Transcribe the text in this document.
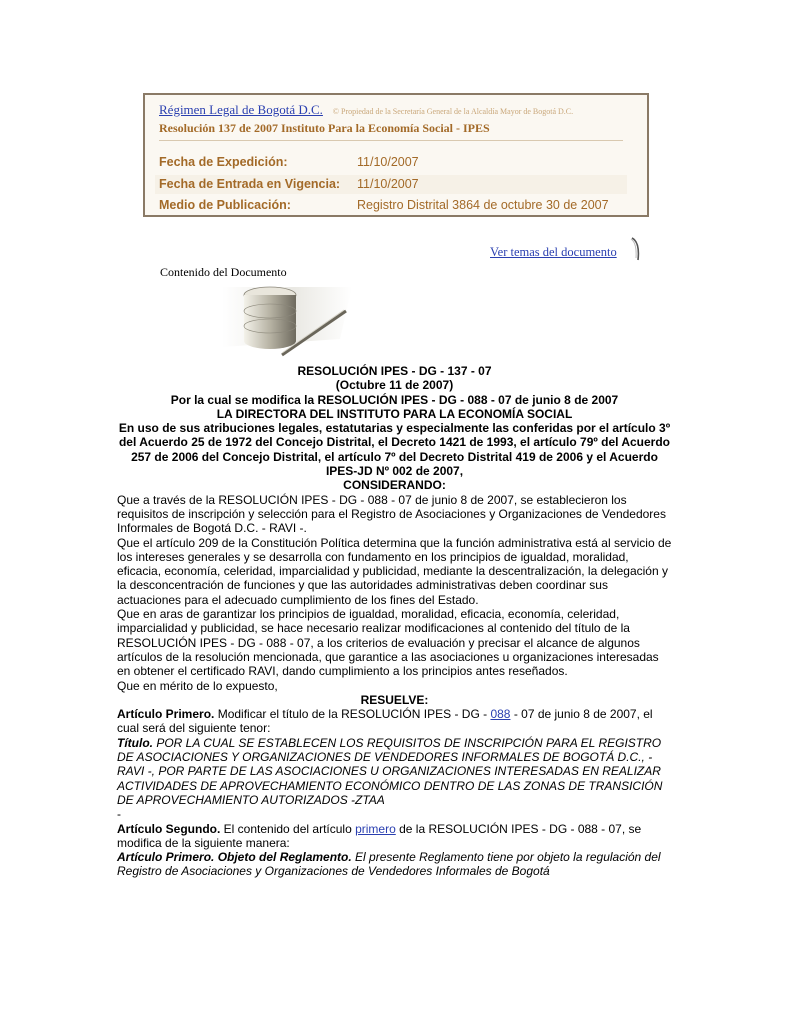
Régimen Legal de Bogotá D.C. © Propiedad de la Secretaría General de la Alcaldía Mayor de Bogotá D.C.
Resolución 137 de 2007 Instituto Para la Economía Social - IPES
Fecha de Expedición:	11/10/2007
Fecha de Entrada en Vigencia: 11/10/2007
Medio de Publicación:	Registro Distrital 3864 de octubre 30 de 2007
Ver temas del documento
Contenido del Documento

RESOLUCIÓN IPES - DG - 137 - 07

(Octubre 11 de 2007)

Por la cual se modifica la RESOLUCIÓN IPES - DG - 088 - 07 de junio 8 de 2007

LA DIRECTORA DEL INSTITUTO PARA LA ECONOMÍA SOCIAL

En uso de sus atribuciones legales, estatutarias y especialmente las conferidas por el artículo 3º del Acuerdo 25 de 1972 del Concejo Distrital, el Decreto 1421 de 1993, el artículo 79º del Acuerdo 257 de 2006 del Concejo Distrital, el artículo 7º del Decreto Distrital 419 de 2006 y el Acuerdo IPES-JD Nº 002 de 2007,

CONSIDERANDO:

Que a través de la RESOLUCIÓN IPES - DG - 088 - 07 de junio 8 de 2007, se establecieron los requisitos de inscripción y selección para el Registro de Asociaciones y Organizaciones de Vendedores Informales de Bogotá D.C. - RAVI -.

Que el artículo 209 de la Constitución Política determina que la función administrativa está al servicio de los intereses generales y se desarrolla con fundamento en los principios de igualdad, moralidad, eficacia, economía, celeridad, imparcialidad y publicidad, mediante la descentralización, la delegación y la desconcentración de funciones y que las autoridades administrativas deben coordinar sus actuaciones para el adecuado cumplimiento de los fines del Estado.

Que en aras de garantizar los principios de igualdad, moralidad, eficacia, economía, celeridad, imparcialidad y publicidad, se hace necesario realizar modificaciones al contenido del título de la RESOLUCIÓN IPES - DG - 088 - 07, a los criterios de evaluación y precisar el alcance de algunos artículos de la resolución mencionada, que garantice a las asociaciones u organizaciones interesadas en obtener el certificado RAVI, dando cumplimiento a los principios antes reseñados.

Que en mérito de lo expuesto,

RESUELVE:

Artículo Primero. Modificar el título de la RESOLUCIÓN IPES - DG - 088 - 07 de junio 8 de 2007, el cual será del siguiente tenor:

Título. POR LA CUAL SE ESTABLECEN LOS REQUISITOS DE INSCRIPCIÓN PARA EL REGISTRO DE ASOCIACIONES Y ORGANIZACIONES DE VENDEDORES INFORMALES DE BOGOTÁ D.C., - RAVI -, POR PARTE DE LAS ASOCIACIONES U ORGANIZACIONES INTERESADAS EN REALIZAR ACTIVIDADES DE APROVECHAMIENTO ECONÓMICO DENTRO DE LAS ZONAS DE TRANSICIÓN DE APROVECHAMIENTO AUTORIZADOS -ZTAA

-

Artículo Segundo. El contenido del artículo primero de la RESOLUCIÓN IPES - DG - 088 - 07, se modifica de la siguiente manera:

Artículo Primero. Objeto del Reglamento. El presente Reglamento tiene por objeto la regulación del Registro de Asociaciones y Organizaciones de Vendedores Informales de Bogotá
